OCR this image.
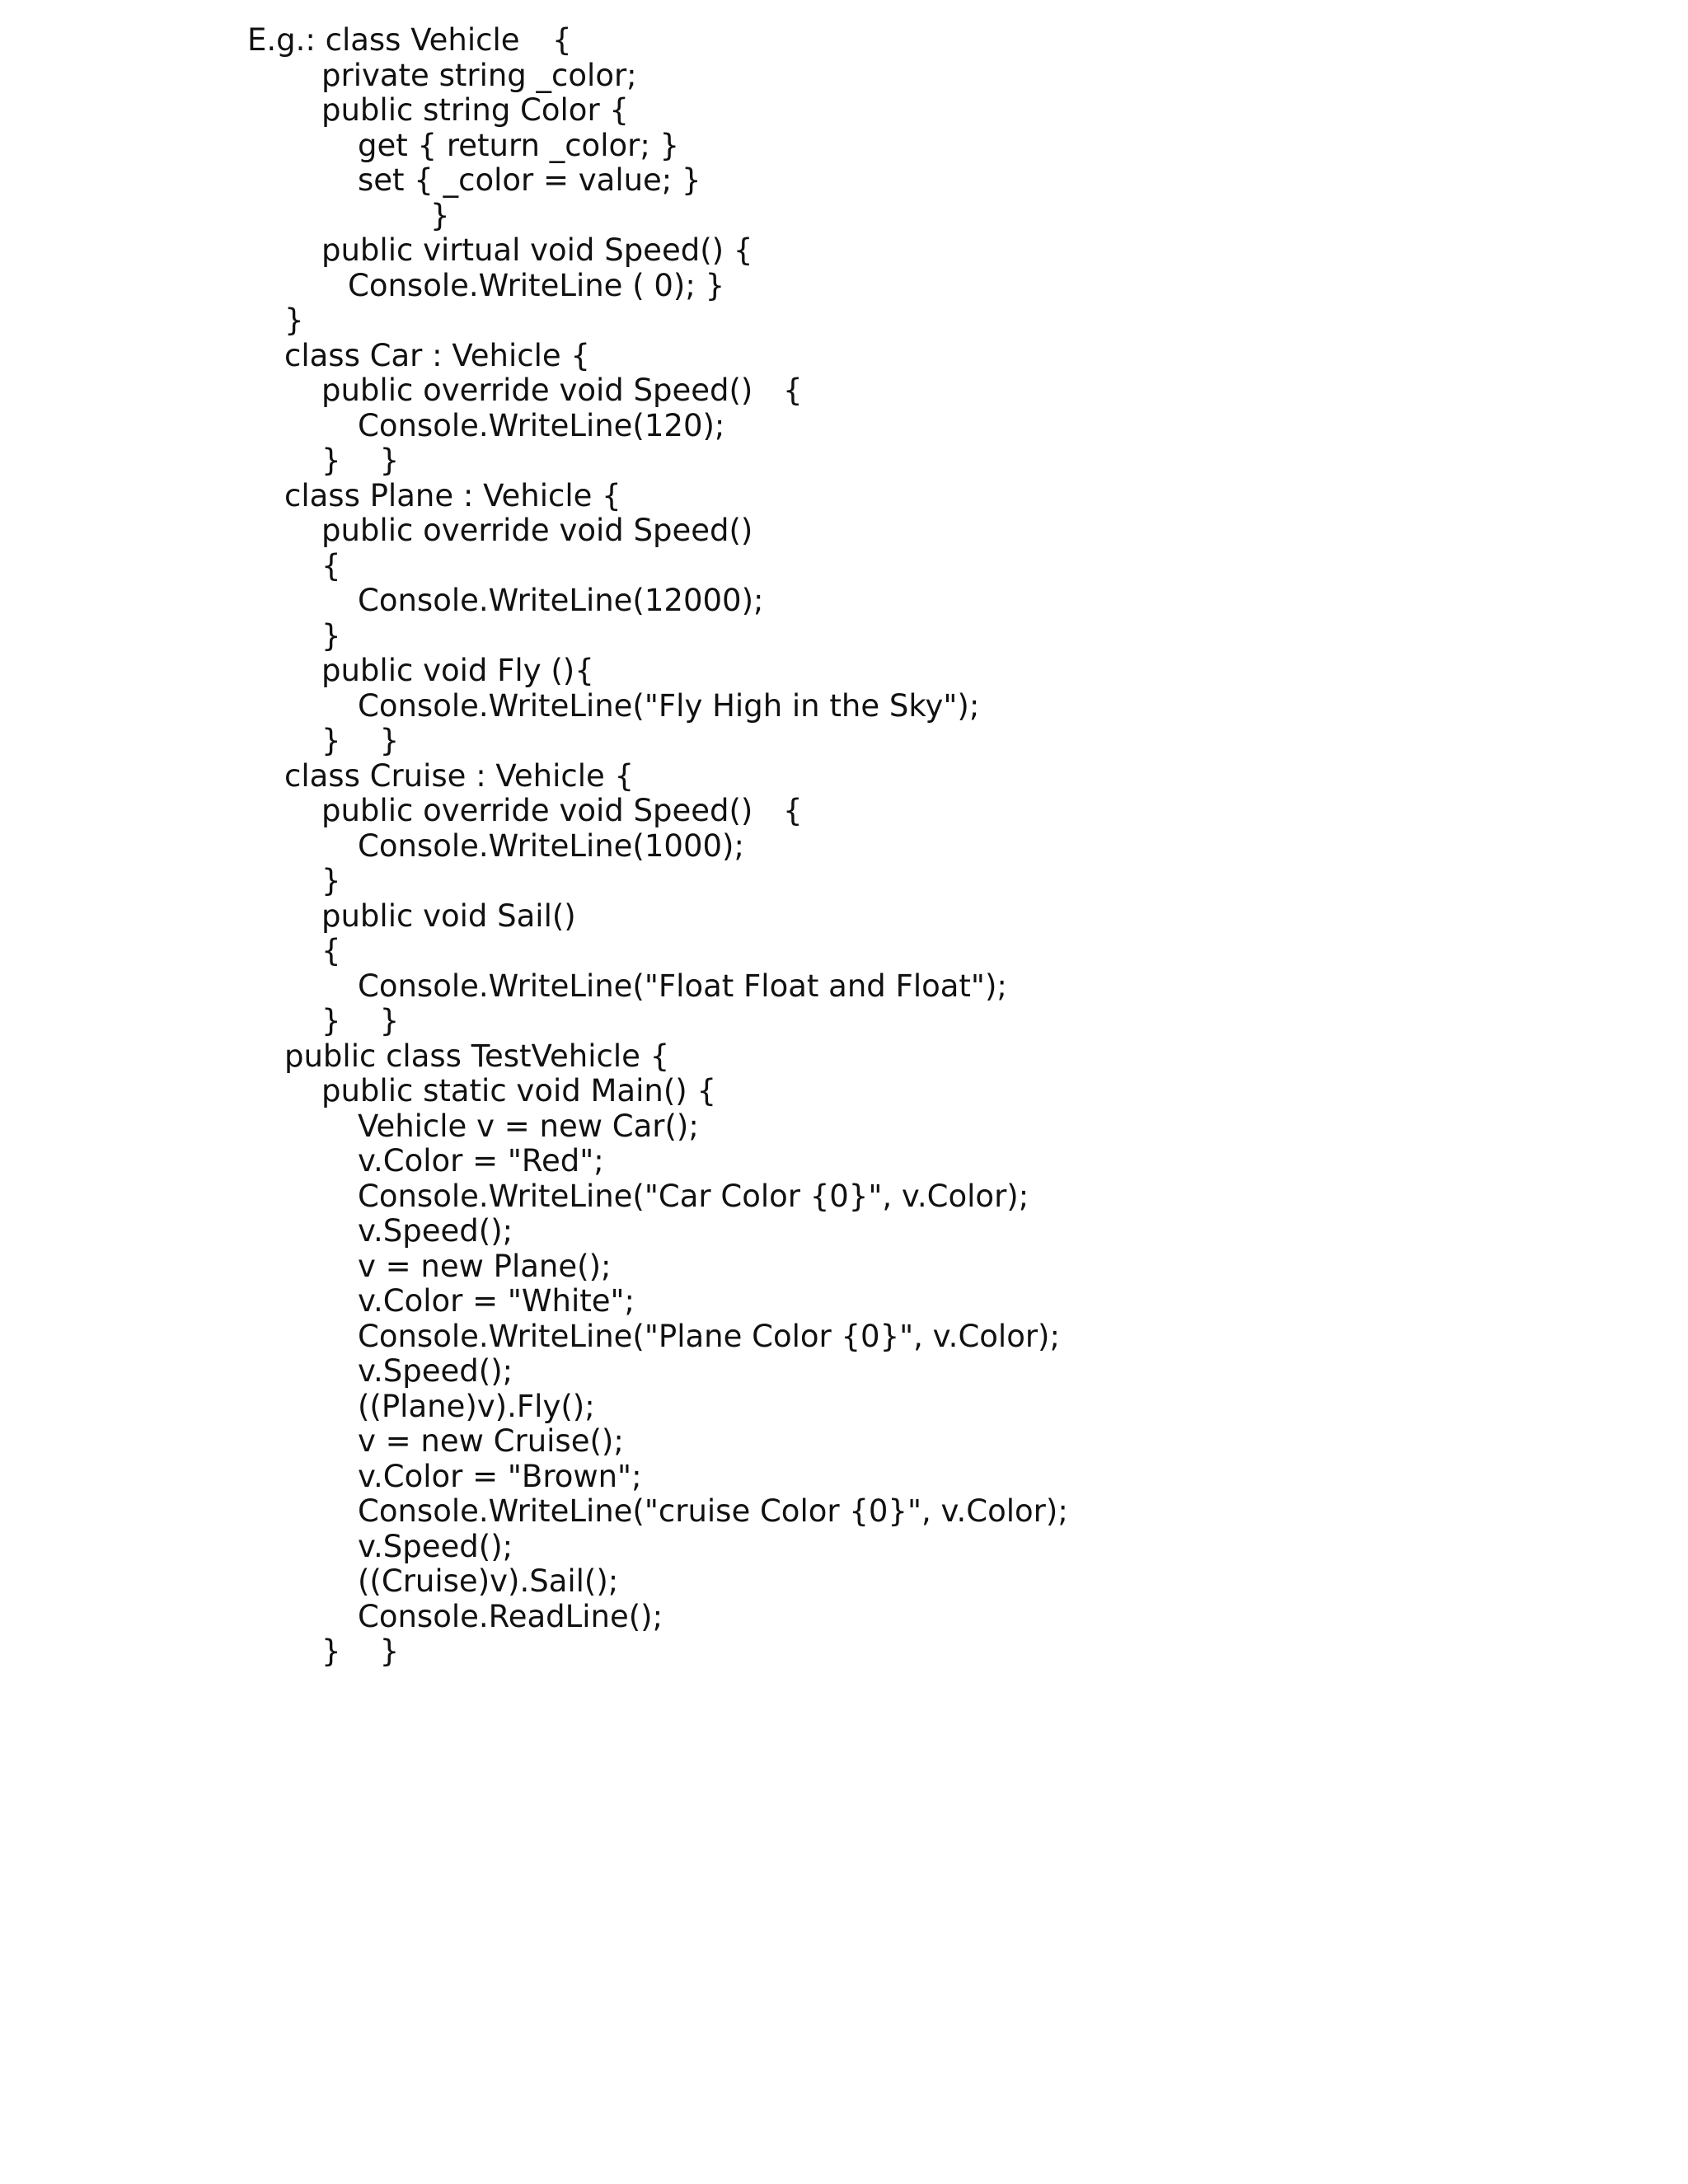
E.g.: class Vehicle {
private string _color;
public string Color {
get { return _color; }
set { _color = value; }
}
public virtual void Speed() {
Console.WriteLine ( 0); }
}
class Car : Vehicle {
public override void Speed() {
Console.WriteLine(120);
}    }
class Plane : Vehicle {
public override void Speed()
{
Console.WriteLine(12000);
}
public void Fly (){
Console.WriteLine("Fly High in the Sky");
}    }
class Cruise : Vehicle {
public override void Speed() {
Console.WriteLine(1000);
}
public void Sail()
{
Console.WriteLine("Float Float and Float");
}    }
public class TestVehicle {
public static void Main() {
Vehicle v = new Car();
v.Color = "Red";
Console.WriteLine("Car Color {0}", v.Color);
v.Speed();
v = new Plane();
v.Color = "White";
Console.WriteLine("Plane Color {0}", v.Color);
v.Speed();
((Plane)v).Fly();
v = new Cruise();
v.Color = "Brown";
Console.WriteLine("cruise Color {0}", v.Color);
v.Speed();
((Cruise)v).Sail();
Console.ReadLine();
}    }
